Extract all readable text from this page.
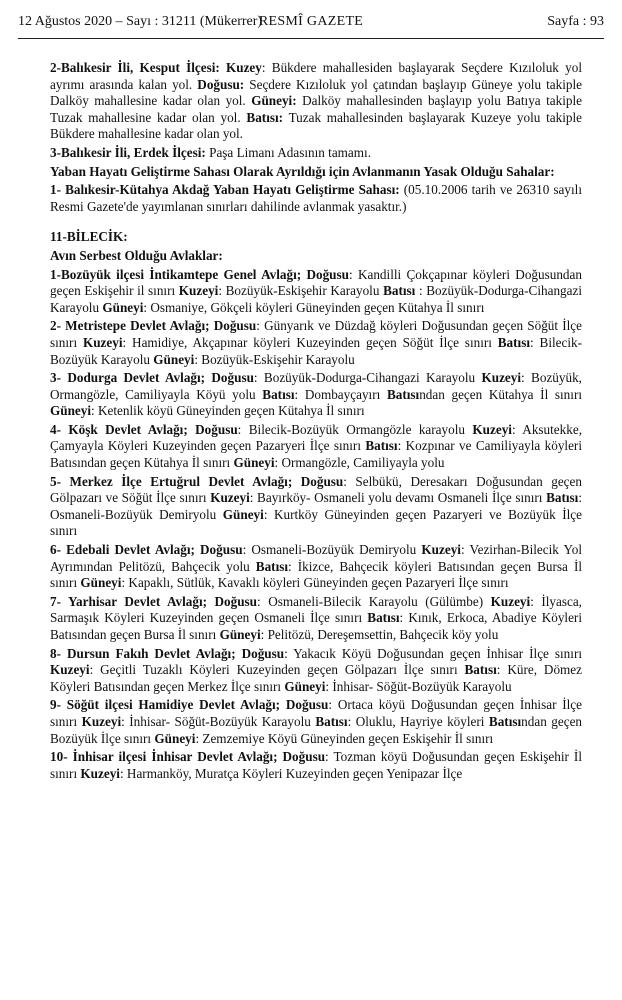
12 Ağustos 2020 – Sayı : 31211 (Mükerrer)
RESMÎ GAZETE	Sayfa : 93

2-Balıkesir İli, Kesput İlçesi: Kuzey: Bükdere mahallesiden başlayarak Seçdere Kızıloluk yol ayrımı arasında kalan yol. Doğusu: Seçdere Kızıloluk yol çatından başlayıp Güneye yolu takiple Dalköy mahallesine kadar olan yol. Güneyi: Dalköy mahallesinden başlayıp yolu Batıya takiple Tuzak mahallesine kadar olan yol. Batısı: Tuzak mahallesinden başlayarak Kuzeye yolu takiple Bükdere mahallesine kadar olan yol.

3-Balıkesir İli, Erdek İlçesi: Paşa Limanı Adasının tamamı.

Yaban Hayatı Geliştirme Sahası Olarak Ayrıldığı için Avlanmanın Yasak Olduğu Sahalar:

1- Balıkesir-Kütahya Akdağ Yaban Hayatı Geliştirme Sahası: (05.10.2006 tarih ve 26310 sayılı Resmi Gazete'de yayımlanan sınırları dahilinde avlanmak yasaktır.)

11-BİLECİK:

Avın Serbest Olduğu Avlaklar:

1-Bozüyük ilçesi İntikamtepe Genel Avlağı; Doğusu: Kandilli Çokçapınar köyleri Doğusundan geçen Eskişehir il sınırı Kuzeyi: Bozüyük-Eskişehir Karayolu Batısı : Bozüyük-Dodurga-Cihangazi Karayolu Güneyi: Osmaniye, Gökçeli köyleri Güneyinden geçen Kütahya İl sınırı

2- Metristepe Devlet Avlağı; Doğusu: Günyarık ve Düzdağ köyleri Doğusundan geçen Söğüt İlçe sınırı Kuzeyi: Hamidiye, Akçapınar köyleri Kuzeyinden geçen Söğüt İlçe sınırı Batısı: Bilecik-Bozüyük Karayolu Güneyi: Bozüyük-Eskişehir Karayolu

3- Dodurga Devlet Avlağı; Doğusu: Bozüyük-Dodurga-Cihangazi Karayolu Kuzeyi: Bozüyük, Ormangözle, Camiliyayla Köyü yolu Batısı: Dombayçayırı Batısından geçen Kütahya İl sınırı Güneyi: Ketenlik köyü Güneyinden geçen Kütahya İl sınırı

4- Köşk Devlet Avlağı; Doğusu: Bilecik-Bozüyük Ormangözle karayolu Kuzeyi: Aksutekke, Çamyayla Köyleri Kuzeyinden geçen Pazaryeri İlçe sınırı Batısı: Kozpınar ve Camiliyayla köyleri Batısından geçen Kütahya İl sınırı Güneyi: Ormangözle, Camiliyayla yolu

5- Merkez İlçe Ertuğrul Devlet Avlağı; Doğusu: Selbükü, Deresakarı Doğusundan geçen Gölpazarı ve Söğüt İlçe sınırı Kuzeyi: Bayırköy- Osmaneli yolu devamı Osmaneli İlçe sınırı Batısı: Osmaneli-Bozüyük Demiryolu Güneyi: Kurtköy Güneyinden geçen Pazaryeri ve Bozüyük İlçe sınırı

6- Edebali Devlet Avlağı; Doğusu: Osmaneli-Bozüyük Demiryolu Kuzeyi: Vezirhan-Bilecik Yol Ayrımından Pelitözü, Bahçecik yolu Batısı: İkizce, Bahçecik köyleri Batısından geçen Bursa İl sınırı Güneyi: Kapaklı, Sütlük, Kavaklı köyleri Güneyinden geçen Pazaryeri İlçe sınırı

7- Yarhisar Devlet Avlağı; Doğusu: Osmaneli-Bilecik Karayolu (Gülümbe) Kuzeyi: İlyasca, Sarmaşık Köyleri Kuzeyinden geçen Osmaneli İlçe sınırı Batısı: Kınık, Erkoca, Abadiye Köyleri Batısından geçen Bursa İl sınırı Güneyi: Pelitözü, Dereşemsettin, Bahçecik köy yolu

8- Dursun Fakıh Devlet Avlağı; Doğusu: Yakacık Köyü Doğusundan geçen İnhisar İlçe sınırı Kuzeyi: Geçitli Tuzaklı Köyleri Kuzeyinden geçen Gölpazarı İlçe sınırı Batısı: Küre, Dömez Köyleri Batısından geçen Merkez İlçe sınırı Güneyi: İnhisar- Söğüt-Bozüyük Karayolu

9- Söğüt ilçesi Hamidiye Devlet Avlağı; Doğusu: Ortaca köyü Doğusundan geçen İnhisar İlçe sınırı Kuzeyi: İnhisar- Söğüt-Bozüyük Karayolu Batısı: Oluklu, Hayriye köyleri Batısından geçen Bozüyük İlçe sınırı Güneyi: Zemzemiye Köyü Güneyinden geçen Eskişehir İl sınırı

10- İnhisar ilçesi İnhisar Devlet Avlağı; Doğusu: Tozman köyü Doğusundan geçen Eskişehir İl sınırı Kuzeyi: Harmanköy, Muratça Köyleri Kuzeyinden geçen Yenipazar İlçe
